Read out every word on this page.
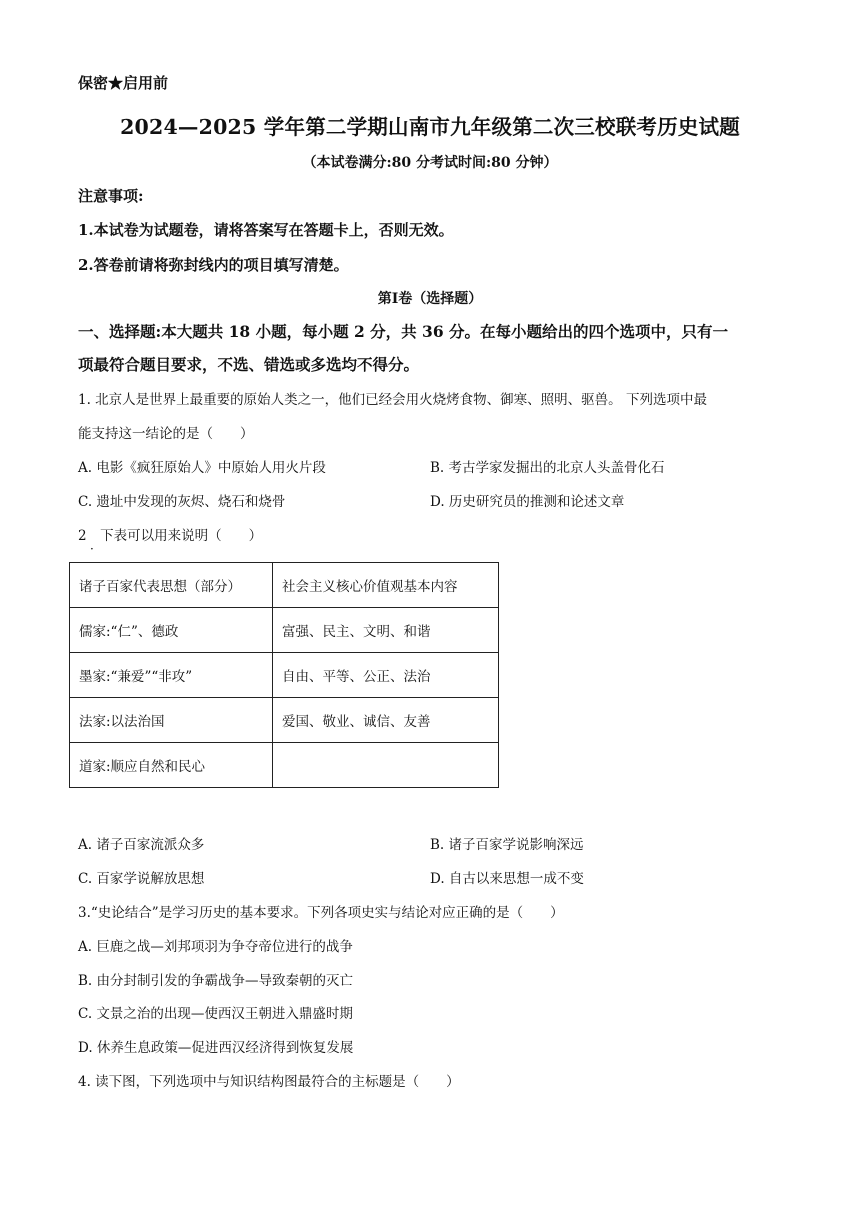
保密★启用前
2024—2025 学年第二学期山南市九年级第二次三校联考历史试题
（本试卷满分:80 分考试时间:80 分钟）
注意事项:
1.本试卷为试题卷，请将答案写在答题卡上，否则无效。
2.答卷前请将弥封线内的项目填写清楚。
第Ⅰ卷（选择题）
一、选择题:本大题共 18 小题，每小题 2 分，共 36 分。在每小题给出的四个选项中，只有一
项最符合题目要求，不选、错选或多选均不得分。
1. 北京人是世界上最重要的原始人类之一，他们已经会用火烧烤食物、御寒、照明、驱兽。 下列选项中最
能支持这一结论的是（　　）
A. 电影《疯狂原始人》中原始人用火片段	B. 考古学家发掘出的北京人头盖骨化石
C. 遗址中发现的灰烬、烧石和烧骨	D. 历史研究员的推测和论述文章
2　下表可以用来说明（　　）
·
诸子百家代表思想（部分）	社会主义核心价值观基本内容
儒家:“仁”、德政	富强、民主、文明、和谐
墨家:“兼爱”“非攻”	自由、平等、公正、法治
法家:以法治国	爱国、敬业、诚信、友善
道家:顺应自然和民心	
A. 诸子百家流派众多	B. 诸子百家学说影响深远
C. 百家学说解放思想	D. 自古以来思想一成不变
3.“史论结合”是学习历史的基本要求。下列各项史实与结论对应正确的是（　　）
A. 巨鹿之战—刘邦项羽为争夺帝位进行的战争
B. 由分封制引发的争霸战争—导致秦朝的灭亡
C. 文景之治的出现—使西汉王朝进入鼎盛时期
D. 休养生息政策—促进西汉经济得到恢复发展
4. 读下图，下列选项中与知识结构图最符合的主标题是（　　）
